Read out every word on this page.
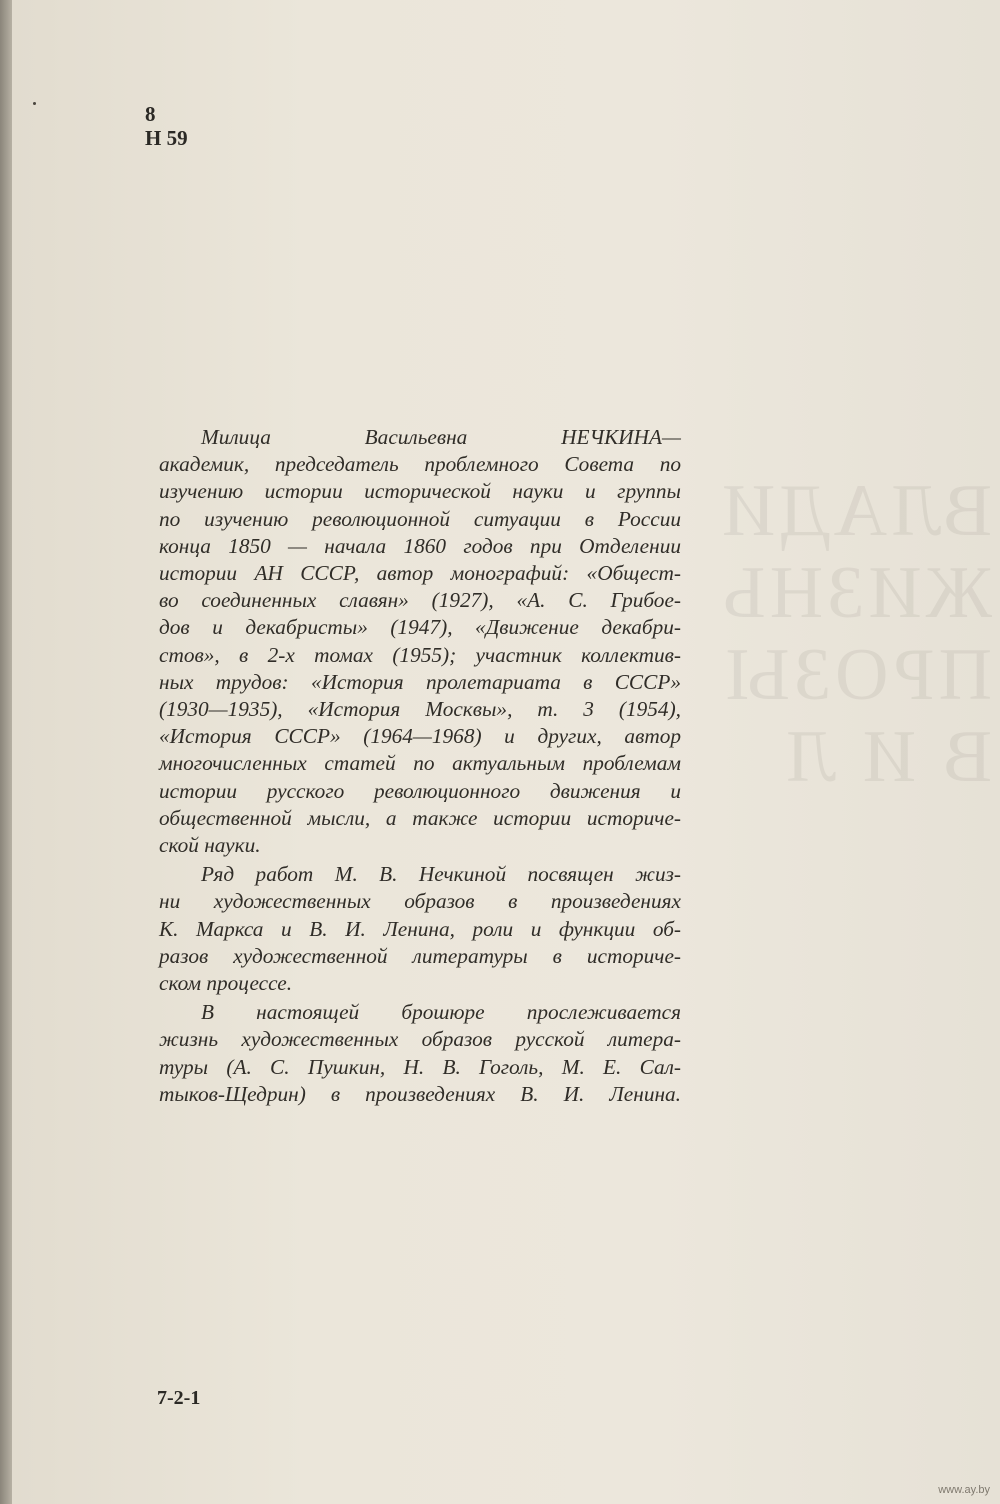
ВЛАДИ
ЖИЗНЬ
ПРОЗЫ
В И Л
8
Н 59
Милица Васильевна НЕЧКИНА—
академик, председатель проблемного Совета по
изучению истории исторической науки и группы
по изучению революционной ситуации в России
конца 1850 — начала 1860 годов при Отделении
истории АН СССР, автор монографий: «Общест-
во соединенных славян» (1927), «А. С. Грибое-
дов и декабристы» (1947), «Движение декабри-
стов», в 2-х томах (1955); участник коллектив-
ных трудов: «История пролетариата в СССР»
(1930—1935), «История Москвы», т. 3 (1954),
«История СССР» (1964—1968) и других, автор
многочисленных статей по актуальным проблемам
истории русского революционного движения и
общественной мысли, а также истории историче-
ской науки.
Ряд работ М. В. Нечкиной посвящен жиз-
ни художественных образов в произведениях
К. Маркса и В. И. Ленина, роли и функции об-
разов художественной литературы в историче-
ском процессе.
В настоящей брошюре прослеживается
жизнь художественных образов русской литера-
туры (А. С. Пушкин, Н. В. Гоголь, М. Е. Сал-
тыков-Щедрин) в произведениях В. И. Ленина.
7-2-1
www.ay.by
